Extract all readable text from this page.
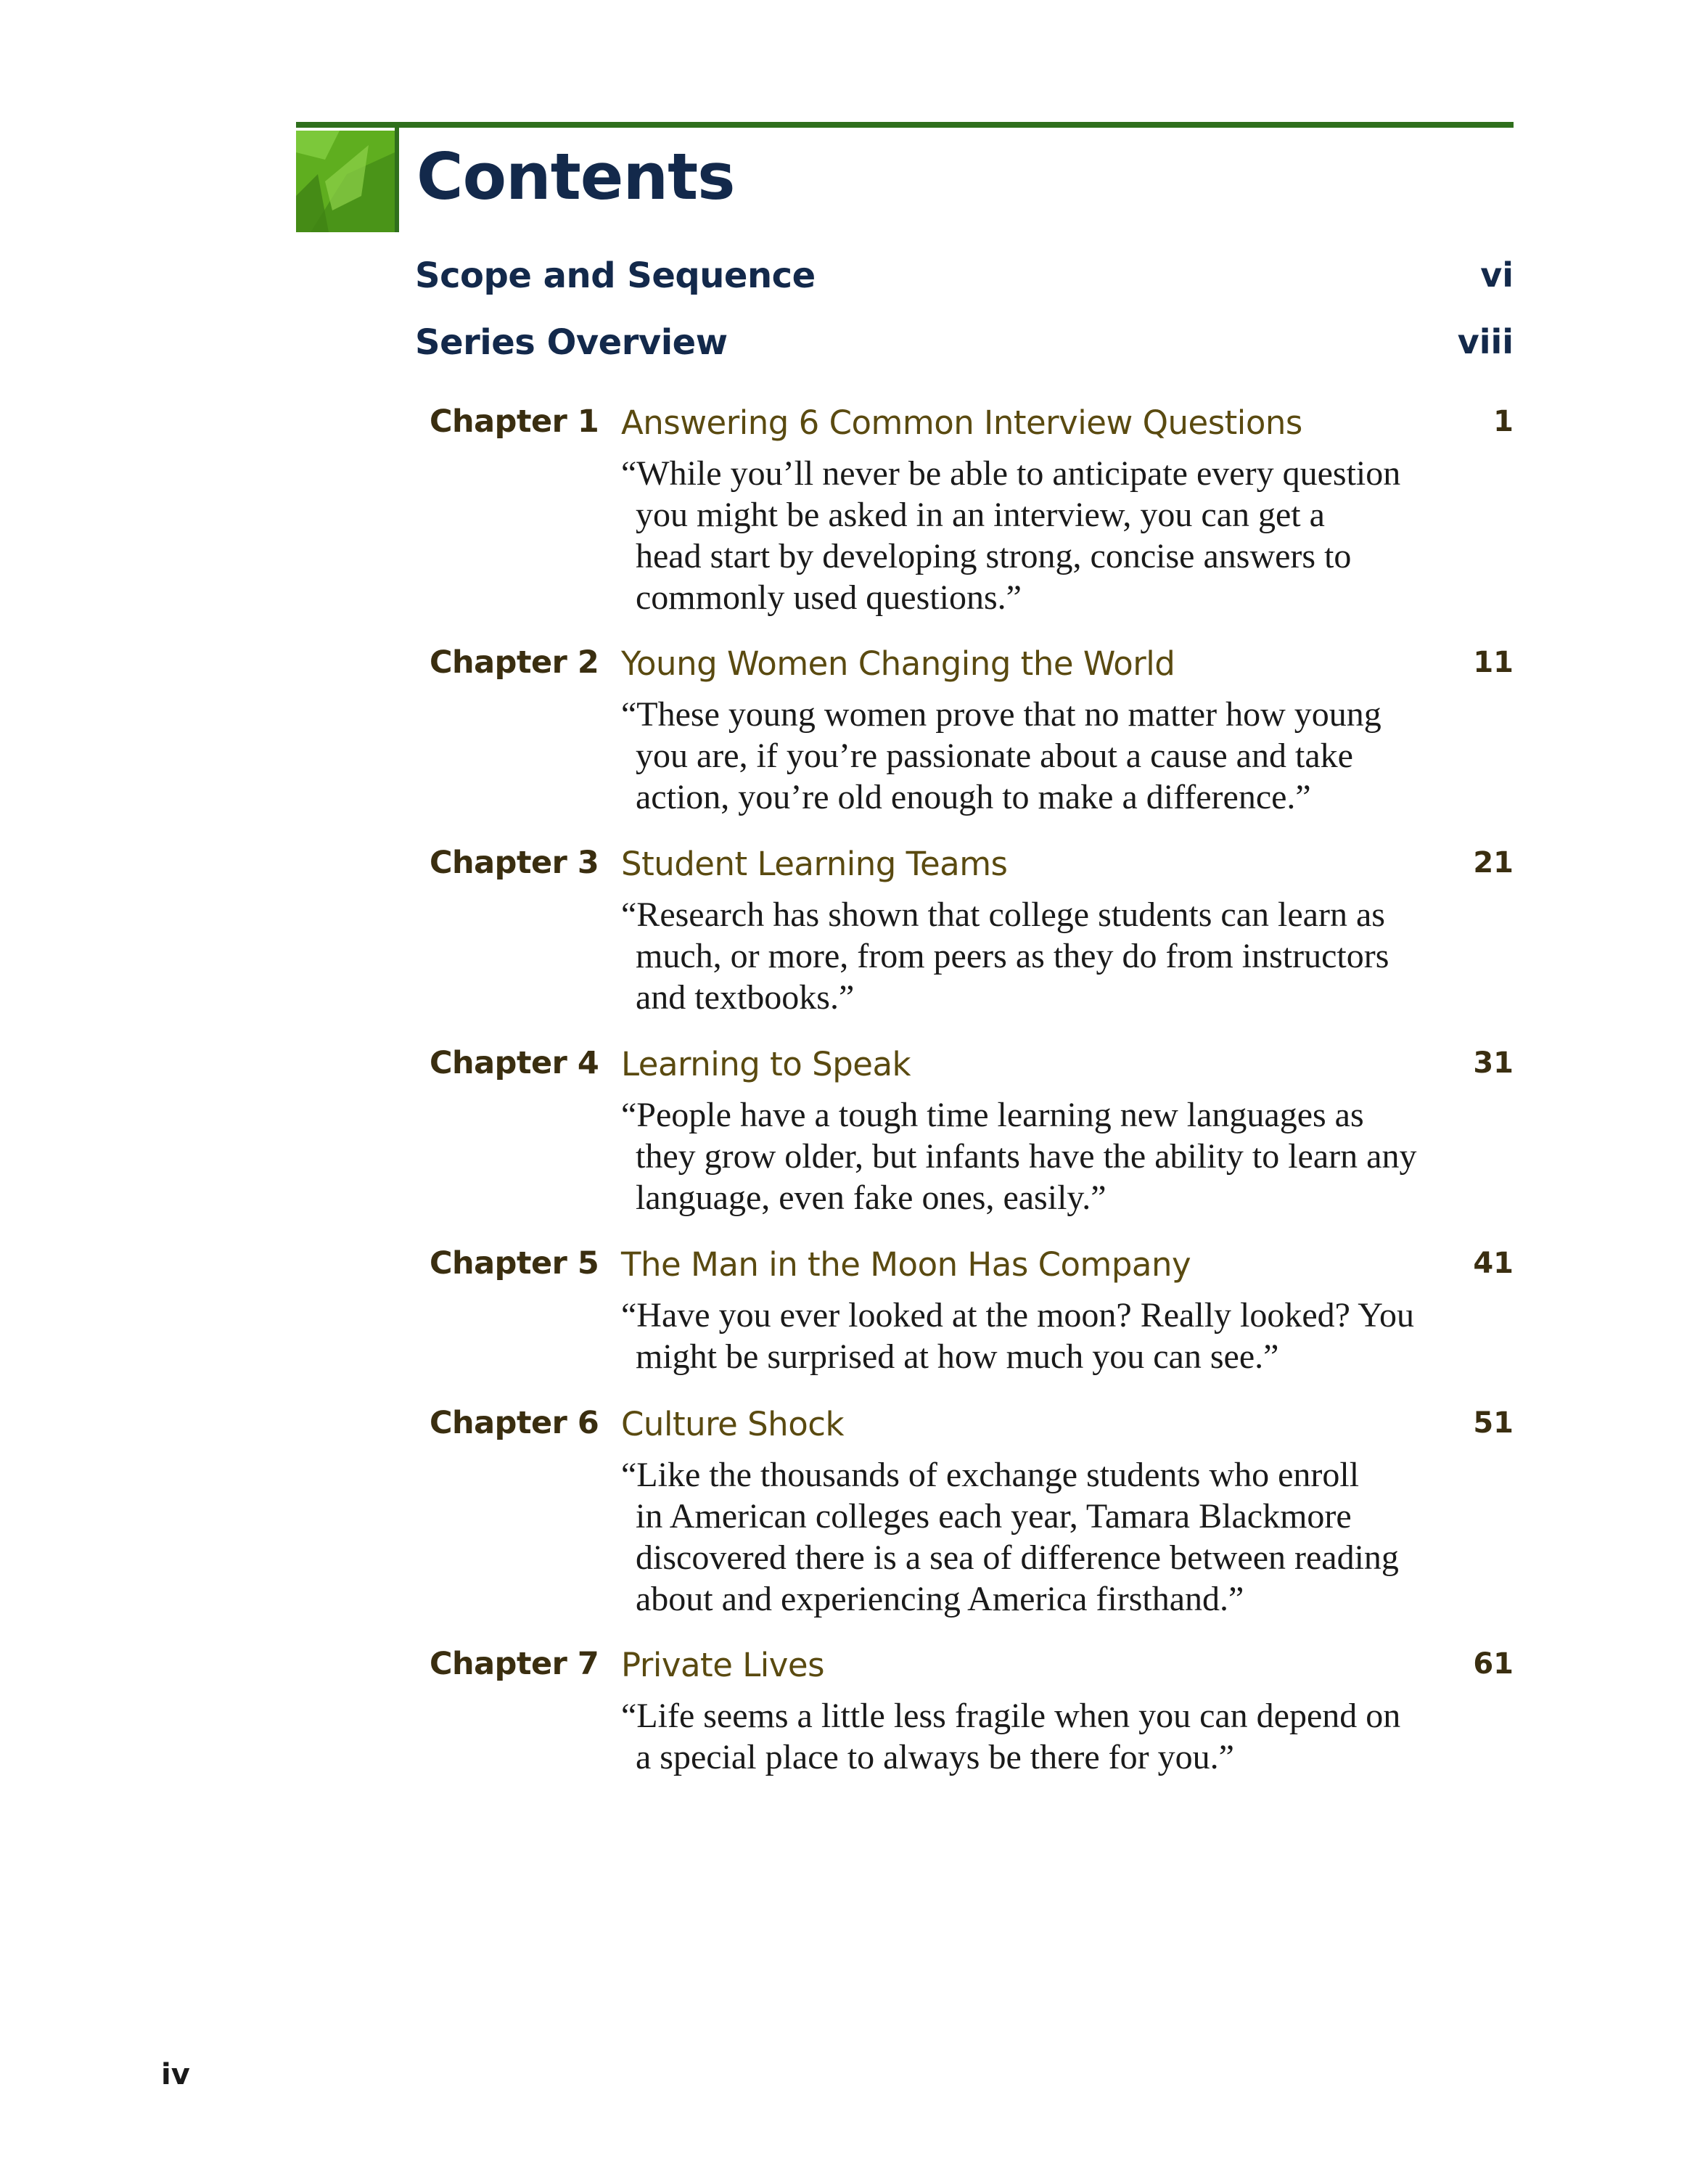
Contents
Scope and Sequence	vi
Series Overview	viii
Chapter 1 Answering 6 Common Interview Questions	1

“While you’ll never be able to anticipate every question
you might be asked in an interview, you can get a
head start by developing strong, concise answers to
commonly used questions.”

Chapter 2 Young Women Changing the World	11

“These young women prove that no matter how young
you are, if you’re passionate about a cause and take
action, you’re old enough to make a difference.”

Chapter 3 Student Learning Teams	21

“Research has shown that college students can learn as
much, or more, from peers as they do from instructors
and textbooks.”

Chapter 4 Learning to Speak	31

“People have a tough time learning new languages as
they grow older, but infants have the ability to learn any
language, even fake ones, easily.”

Chapter 5 The Man in the Moon Has Company	41

“Have you ever looked at the moon? Really looked? You
might be surprised at how much you can see.”

Chapter 6 Culture Shock	51

“Like the thousands of exchange students who enroll
in American colleges each year, Tamara Blackmore
discovered there is a sea of difference between reading
about and experiencing America firsthand.”

Chapter 7 Private Lives	61

“Life seems a little less fragile when you can depend on
a special place to always be there for you.”

iv
